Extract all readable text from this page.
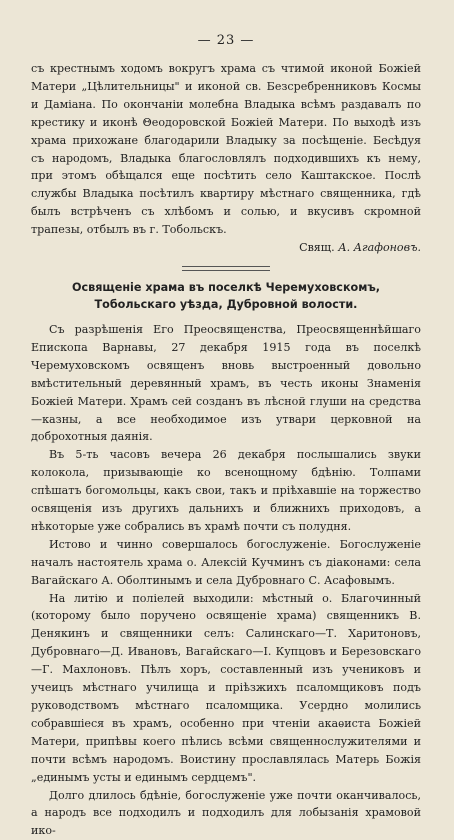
— 23 —

съ крестнымъ ходомъ вокругъ храма съ чтимой иконой Божiей Матери „Цѣлительницы" и иконой св. Безсребренниковъ Космы и Дамiана. По окончанiи молебна Владыка всѣмъ раздавалъ по крестику и иконѣ Θеодоровской Божiей Матери. По выходѣ изъ храма прихожане благодарили Владыку за посѣщенiе. Бесѣдуя съ народомъ, Владыка благословлялъ подходившихъ къ нему, при этомъ обѣщался еще посѣтить село Каштакское. Послѣ службы Владыка посѣтилъ квартиру мѣстнаго священника, гдѣ былъ встрѣченъ съ хлѣбомъ и солью, и вкусивъ скромной трапезы, отбылъ въ г. Тобольскъ.

Свящ. А. Агафоновъ.
Освященiе храма въ поселкѣ Черемуховскомъ, Тобольскаго уѣзда, Дубровной волости.

Съ разрѣшенiя Его Преосвященства, Преосвященнѣйшаго Епископа Варнавы, 27 декабря 1915 года въ поселкѣ Черемуховскомъ освященъ вновь выстроенный довольно вмѣстительный деревянный храмъ, въ честь иконы Знаменiя Божiей Матери. Храмъ сей созданъ въ лѣсной глуши на средства—казны, а все необходимое изъ утвари церковной на доброхотныя даянiя.

Въ 5-ть часовъ вечера 26 декабря послышались звуки колокола, призывающiе ко всенощному бдѣнiю. Толпами спѣшатъ богомольцы, какъ свои, такъ и прiѣхавшiе на торжество освященiя изъ другихъ дальнихъ и ближнихъ приходовъ, а нѣкоторые уже собрались въ храмѣ почти съ полудня.

Истово и чинно совершалось богослуженiе. Богослуженiе началъ настоятель храма о. Алексiй Кучминъ съ дiаконами: села Вагайскаго А. Оболтинымъ и села Дубровнаго С. Асафовымъ.

На литiю и полiелей выходили: мѣстный о. Благочинный (которому было поручено освященiе храма) священникъ В. Денякинъ и священники селъ: Салинскаго—Т. Харитоновъ, Дубровнаго—Д. Ивановъ, Вагайскаго—I. Купцовъ и Березовскаго—Г. Махлоновъ. Пѣлъ хоръ, составленный изъ учениковъ и учеицъ мѣстнаго училища и прiѣзжихъ псаломщиковъ подъ руководствомъ мѣстнаго псаломщика. Усердно молились собравшiеся въ храмъ, особенно при чтенiи акаѳиста Божiей Матери, припѣвы коего пѣлись всѣми священнослужителями и почти всѣмъ народомъ. Воистину прославлялась Матерь Божiя „единымъ усты и единымъ сердцемъ".

Долго длилось бдѣнiе, богослуженiе уже почти оканчивалось, а народъ все подходилъ и подходилъ для лобызанiя храмовой ико-
